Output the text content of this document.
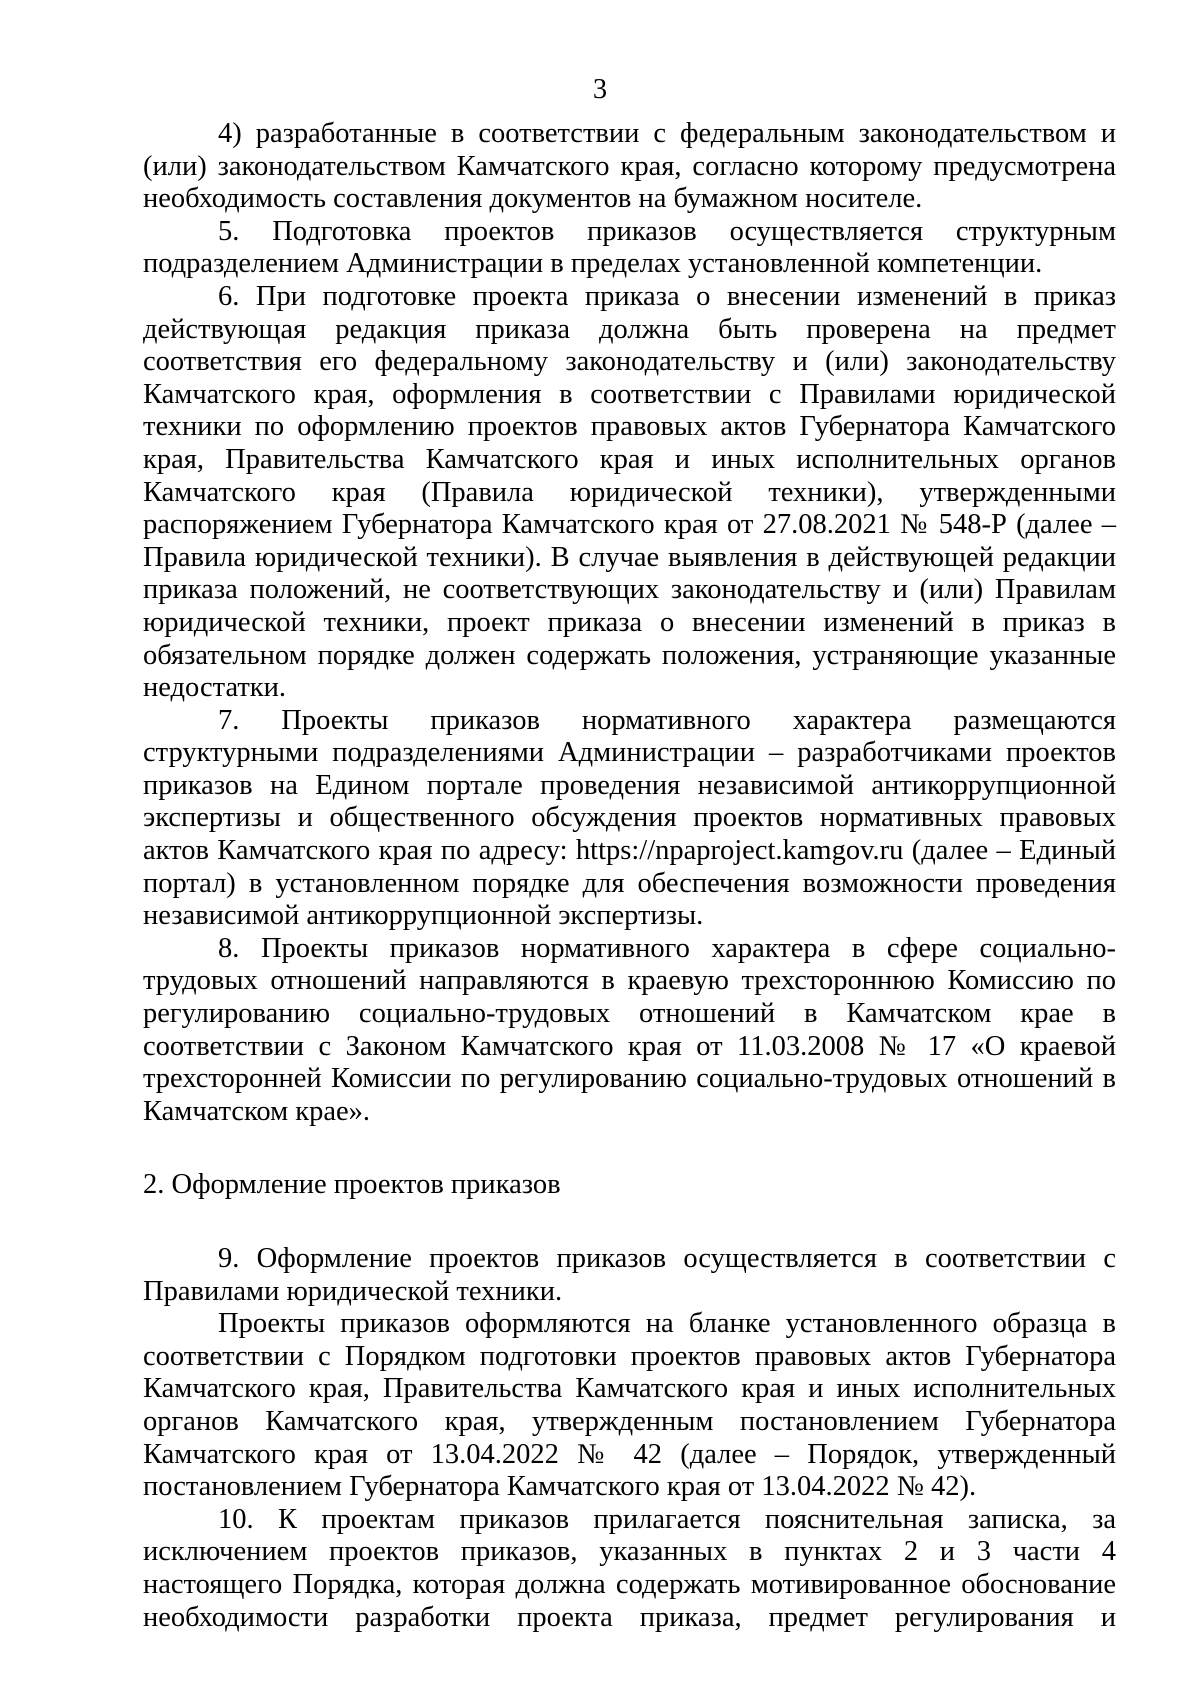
3

4) разработанные в соответствии с федеральным законодательством и (или) законодательством Камчатского края, согласно которому предусмотрена необходимость составления документов на бумажном носителе.

5. Подготовка проектов приказов осуществляется структурным подразделением Администрации в пределах установленной компетенции.

6. При подготовке проекта приказа о внесении изменений в приказ действующая редакция приказа должна быть проверена на предмет соответствия его федеральному законодательству и (или) законодательству Камчатского края, оформления в соответствии с Правилами юридической техники по оформлению проектов правовых актов Губернатора Камчатского края, Правительства Камчатского края и иных исполнительных органов Камчатского края (Правила юридической техники), утвержденными распоряжением Губернатора Камчатского края от 27.08.2021 № 548-Р (далее – Правила юридической техники). В случае выявления в действующей редакции приказа положений, не соответствующих законодательству и (или) Правилам юридической техники, проект приказа о внесении изменений в приказ в обязательном порядке должен содержать положения, устраняющие указанные недостатки.

7. Проекты приказов нормативного характера размещаются структурными подразделениями Администрации – разработчиками проектов приказов на Едином портале проведения независимой антикоррупционной экспертизы и общественного обсуждения проектов нормативных правовых актов Камчатского края по адресу: https://npaproject.kamgov.ru (далее – Единый портал) в установленном порядке для обеспечения возможности проведения независимой антикоррупционной экспертизы.

8. Проекты приказов нормативного характера в сфере социально-трудовых отношений направляются в краевую трехстороннюю Комиссию по регулированию социально-трудовых отношений в Камчатском крае в соответствии с Законом Камчатского края от 11.03.2008 № 17 «О краевой трехсторонней Комиссии по регулированию социально-трудовых отношений в Камчатском крае».

2. Оформление проектов приказов

9. Оформление проектов приказов осуществляется в соответствии с Правилами юридической техники.

Проекты приказов оформляются на бланке установленного образца в соответствии с Порядком подготовки проектов правовых актов Губернатора Камчатского края, Правительства Камчатского края и иных исполнительных органов Камчатского края, утвержденным постановлением Губернатора Камчатского края от 13.04.2022 № 42 (далее – Порядок, утвержденный постановлением Губернатора Камчатского края от 13.04.2022 № 42).

10. К проектам приказов прилагается пояснительная записка, за исключением проектов приказов, указанных в пунктах 2 и 3 части 4 настоящего Порядка, которая должна содержать мотивированное обоснование необходимости разработки проекта приказа, предмет регулирования и
